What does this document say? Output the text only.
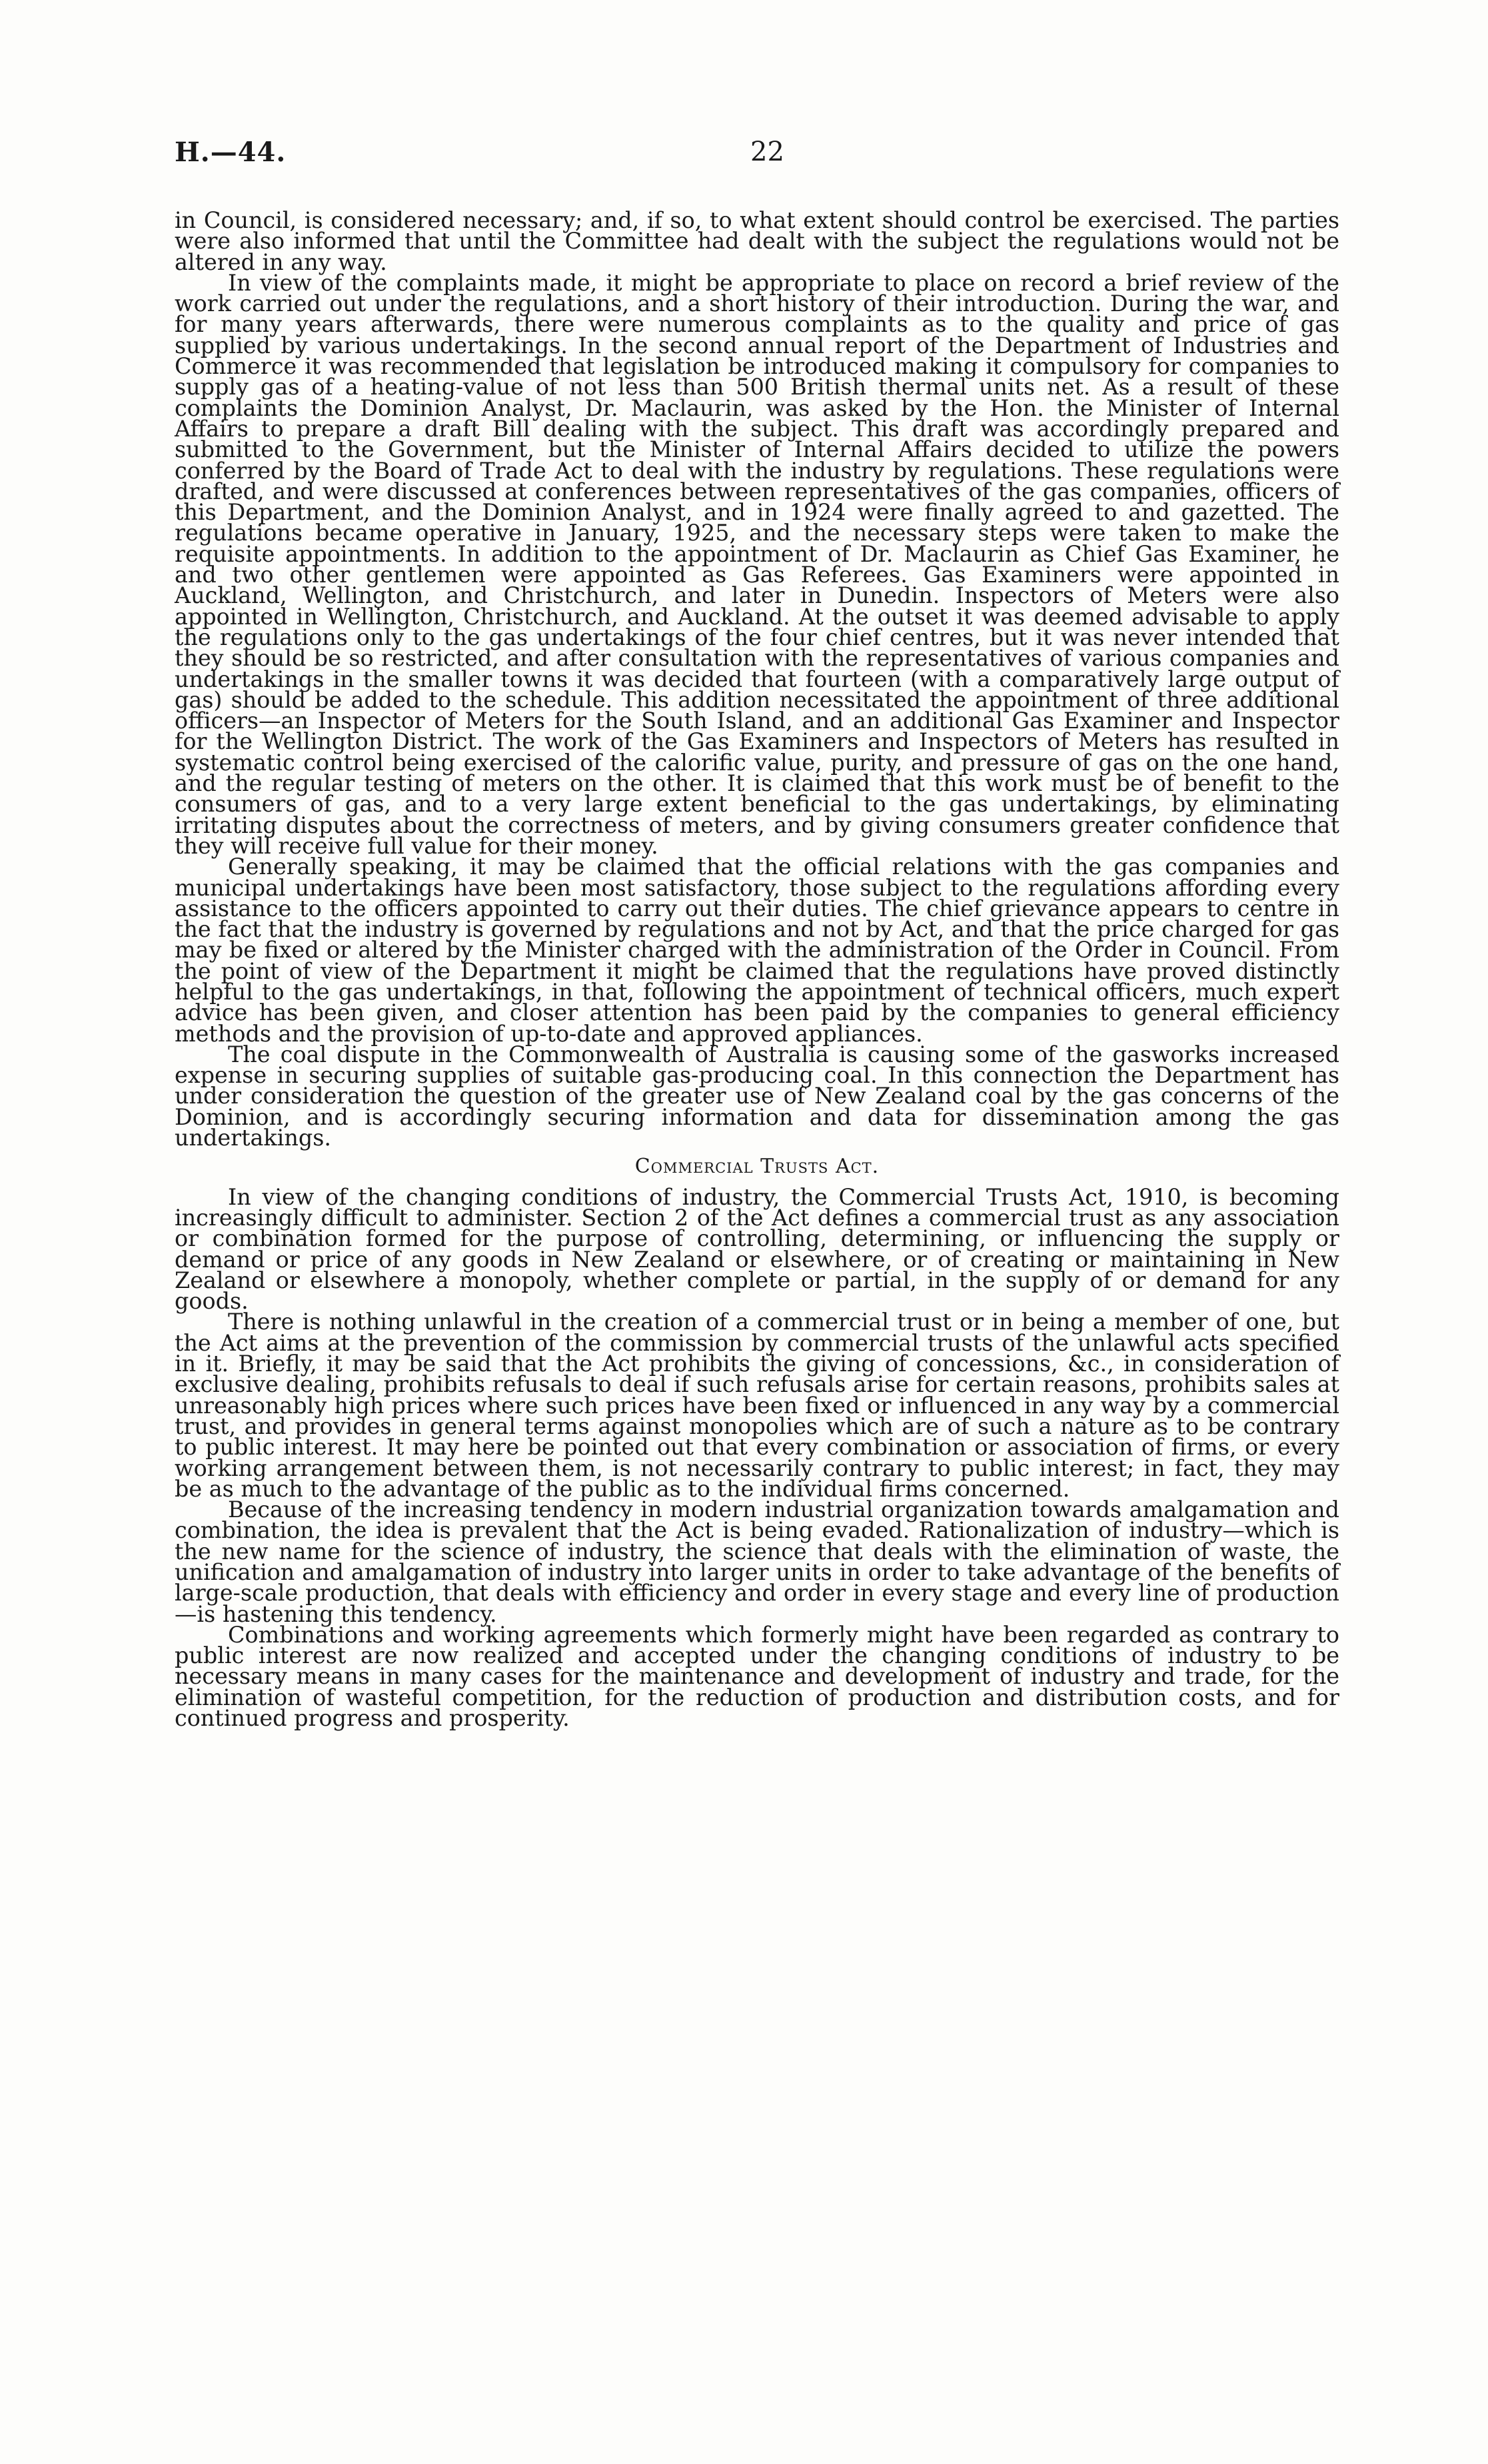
H.—44.	22

in Council, is considered necessary; and, if so, to what extent should control be exercised. The parties were also informed that until the Committee had dealt with the subject the regulations would not be altered in any way.

In view of the complaints made, it might be appropriate to place on record a brief review of the work carried out under the regulations, and a short history of their introduction. During the war, and for many years afterwards, there were numerous complaints as to the quality and price of gas supplied by various undertakings. In the second annual report of the Department of Industries and Commerce it was recommended that legislation be introduced making it compulsory for companies to supply gas of a heating-value of not less than 500 British thermal units net. As a result of these complaints the Dominion Analyst, Dr. Maclaurin, was asked by the Hon. the Minister of Internal Affairs to prepare a draft Bill dealing with the subject. This draft was accordingly prepared and submitted to the Government, but the Minister of Internal Affairs decided to utilize the powers conferred by the Board of Trade Act to deal with the industry by regulations. These regulations were drafted, and were discussed at conferences between representatives of the gas companies, officers of this Department, and the Dominion Analyst, and in 1924 were finally agreed to and gazetted. The regulations became operative in January, 1925, and the necessary steps were taken to make the requisite appointments. In addition to the appointment of Dr. Maclaurin as Chief Gas Examiner, he and two other gentlemen were appointed as Gas Referees. Gas Examiners were appointed in Auckland, Wellington, and Christchurch, and later in Dunedin. Inspectors of Meters were also appointed in Wellington, Christchurch, and Auckland. At the outset it was deemed advisable to apply the regulations only to the gas undertakings of the four chief centres, but it was never intended that they should be so restricted, and after consultation with the representatives of various companies and undertakings in the smaller towns it was decided that fourteen (with a comparatively large output of gas) should be added to the schedule. This addition necessitated the appointment of three additional officers—an Inspector of Meters for the South Island, and an additional Gas Examiner and Inspector for the Wellington District. The work of the Gas Examiners and Inspectors of Meters has resulted in systematic control being exercised of the calorific value, purity, and pressure of gas on the one hand, and the regular testing of meters on the other. It is claimed that this work must be of benefit to the consumers of gas, and to a very large extent beneficial to the gas undertakings, by eliminating irritating disputes about the correctness of meters, and by giving consumers greater confidence that they will receive full value for their money.

Generally speaking, it may be claimed that the official relations with the gas companies and municipal undertakings have been most satisfactory, those subject to the regulations affording every assistance to the officers appointed to carry out their duties. The chief grievance appears to centre in the fact that the industry is governed by regulations and not by Act, and that the price charged for gas may be fixed or altered by the Minister charged with the administration of the Order in Council. From the point of view of the Department it might be claimed that the regulations have proved distinctly helpful to the gas undertakings, in that, following the appointment of technical officers, much expert advice has been given, and closer attention has been paid by the companies to general efficiency methods and the provision of up-to-date and approved appliances.

The coal dispute in the Commonwealth of Australia is causing some of the gasworks increased expense in securing supplies of suitable gas-producing coal. In this connection the Department has under consideration the question of the greater use of New Zealand coal by the gas concerns of the Dominion, and is accordingly securing information and data for dissemination among the gas undertakings.

Commercial Trusts Act.

In view of the changing conditions of industry, the Commercial Trusts Act, 1910, is becoming increasingly difficult to administer. Section 2 of the Act defines a commercial trust as any association or combination formed for the purpose of controlling, determining, or influencing the supply or demand or price of any goods in New Zealand or elsewhere, or of creating or maintaining in New Zealand or elsewhere a monopoly, whether complete or partial, in the supply of or demand for any goods.

There is nothing unlawful in the creation of a commercial trust or in being a member of one, but the Act aims at the prevention of the commission by commercial trusts of the unlawful acts specified in it. Briefly, it may be said that the Act prohibits the giving of concessions, &c., in consideration of exclusive dealing, prohibits refusals to deal if such refusals arise for certain reasons, prohibits sales at unreasonably high prices where such prices have been fixed or influenced in any way by a commercial trust, and provides in general terms against monopolies which are of such a nature as to be contrary to public interest. It may here be pointed out that every combination or association of firms, or every working arrangement between them, is not necessarily contrary to public interest; in fact, they may be as much to the advantage of the public as to the individual firms concerned.

Because of the increasing tendency in modern industrial organization towards amalgamation and combination, the idea is prevalent that the Act is being evaded. Rationalization of industry—which is the new name for the science of industry, the science that deals with the elimination of waste, the unification and amalgamation of industry into larger units in order to take advantage of the benefits of large-scale production, that deals with efficiency and order in every stage and every line of production—is hastening this tendency.

Combinations and working agreements which formerly might have been regarded as contrary to public interest are now realized and accepted under the changing conditions of industry to be necessary means in many cases for the maintenance and development of industry and trade, for the elimination of wasteful competition, for the reduction of production and distribution costs, and for continued progress and prosperity.
